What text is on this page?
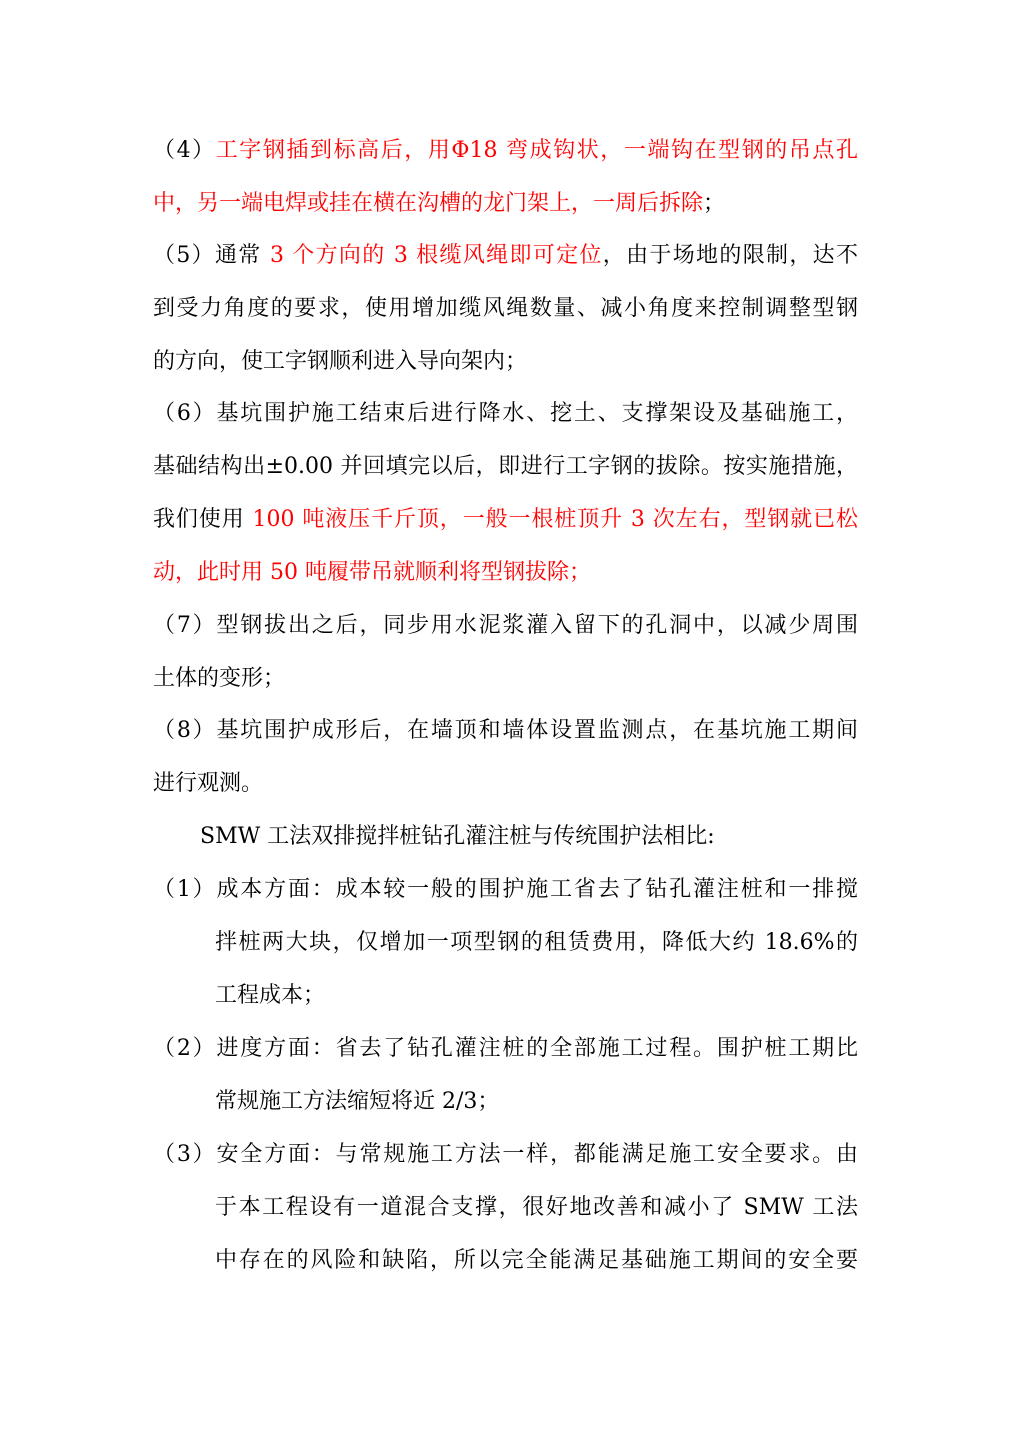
（4）工字钢插到标高后，用Φ18 弯成钩状，一端钩在型钢的吊点孔
中，另一端电焊或挂在横在沟槽的龙门架上，一周后拆除；
（5）通常 3 个方向的 3 根缆风绳即可定位，由于场地的限制，达不
到受力角度的要求，使用增加缆风绳数量、减小角度来控制调整型钢
的方向，使工字钢顺利进入导向架内；
（6）基坑围护施工结束后进行降水、挖土、支撑架设及基础施工，
基础结构出±0.00 并回填完以后，即进行工字钢的拔除。按实施措施，
我们使用 100 吨液压千斤顶，一般一根桩顶升 3 次左右，型钢就已松
动，此时用 50 吨履带吊就顺利将型钢拔除；
（7）型钢拔出之后，同步用水泥浆灌入留下的孔洞中，以减少周围
土体的变形；
（8）基坑围护成形后，在墙顶和墙体设置监测点，在基坑施工期间
进行观测。
SMW 工法双排搅拌桩钻孔灌注桩与传统围护法相比:
（1）成本方面：成本较一般的围护施工省去了钻孔灌注桩和一排搅
拌桩两大块，仅增加一项型钢的租赁费用，降低大约 18.6%的
工程成本；
（2）进度方面：省去了钻孔灌注桩的全部施工过程。围护桩工期比
常规施工方法缩短将近 2/3；
（3）安全方面：与常规施工方法一样，都能满足施工安全要求。由
于本工程设有一道混合支撑，很好地改善和减小了 SMW 工法
中存在的风险和缺陷，所以完全能满足基础施工期间的安全要
